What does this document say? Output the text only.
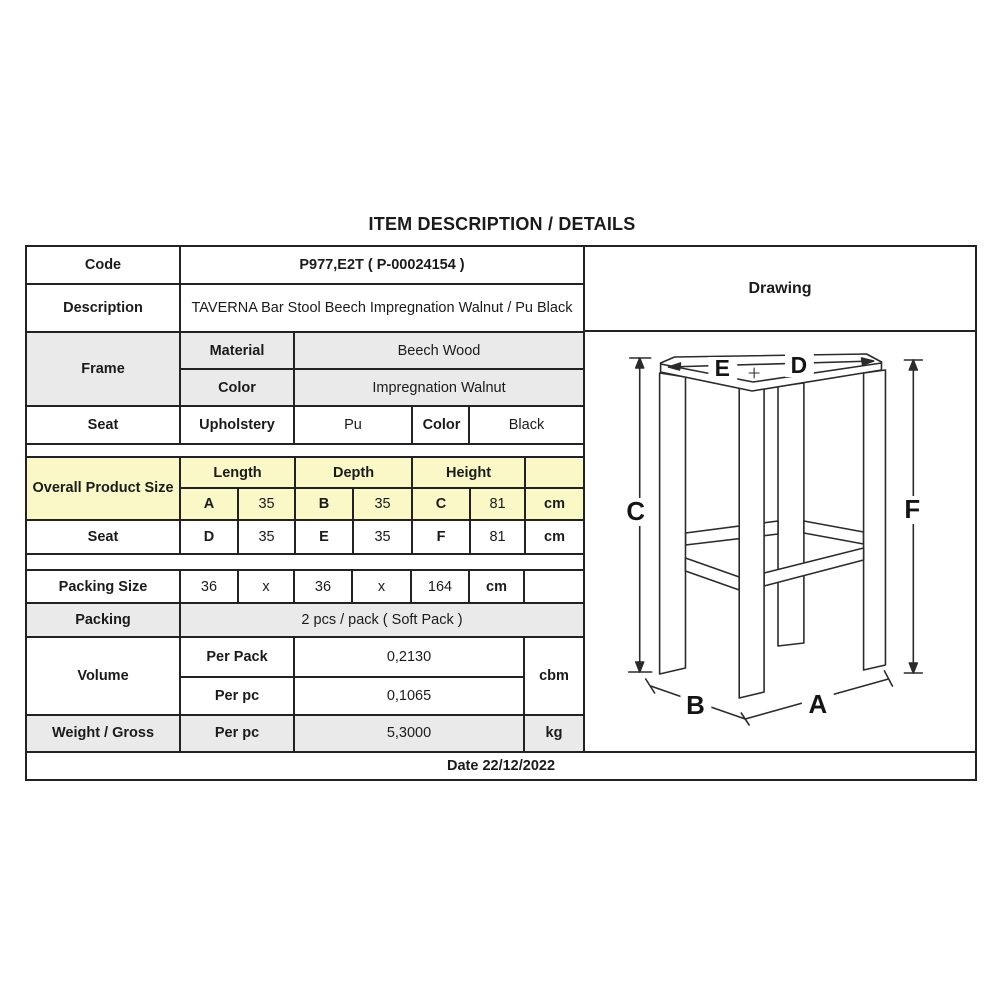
ITEM DESCRIPTION / DETAILS
Code	P977,E2T ( P-00024154 )			
Description	TAVERNA Bar Stool Beech Impregnation Walnut / Pu Black			
Frame	Material	Beech Wood		
	Color	Impregnation Walnut		
Seat	Upholstery	Pu	Color	Black
Overall Product Size	Length		Depth		Height		
	A	35	B	35	C	81	cm
Seat	D	35	E	35	F	81	cm
Packing Size	36	x	36	x	164	cm	
Packing	2 pcs / pack ( Soft Pack )						
Volume	Per Pack		0,2130				cbm
	Per pc		0,1065				
Weight / Gross	Per pc		5,3000				kg
Drawing
E	D
C	F
B	A
Date 22/12/2022
